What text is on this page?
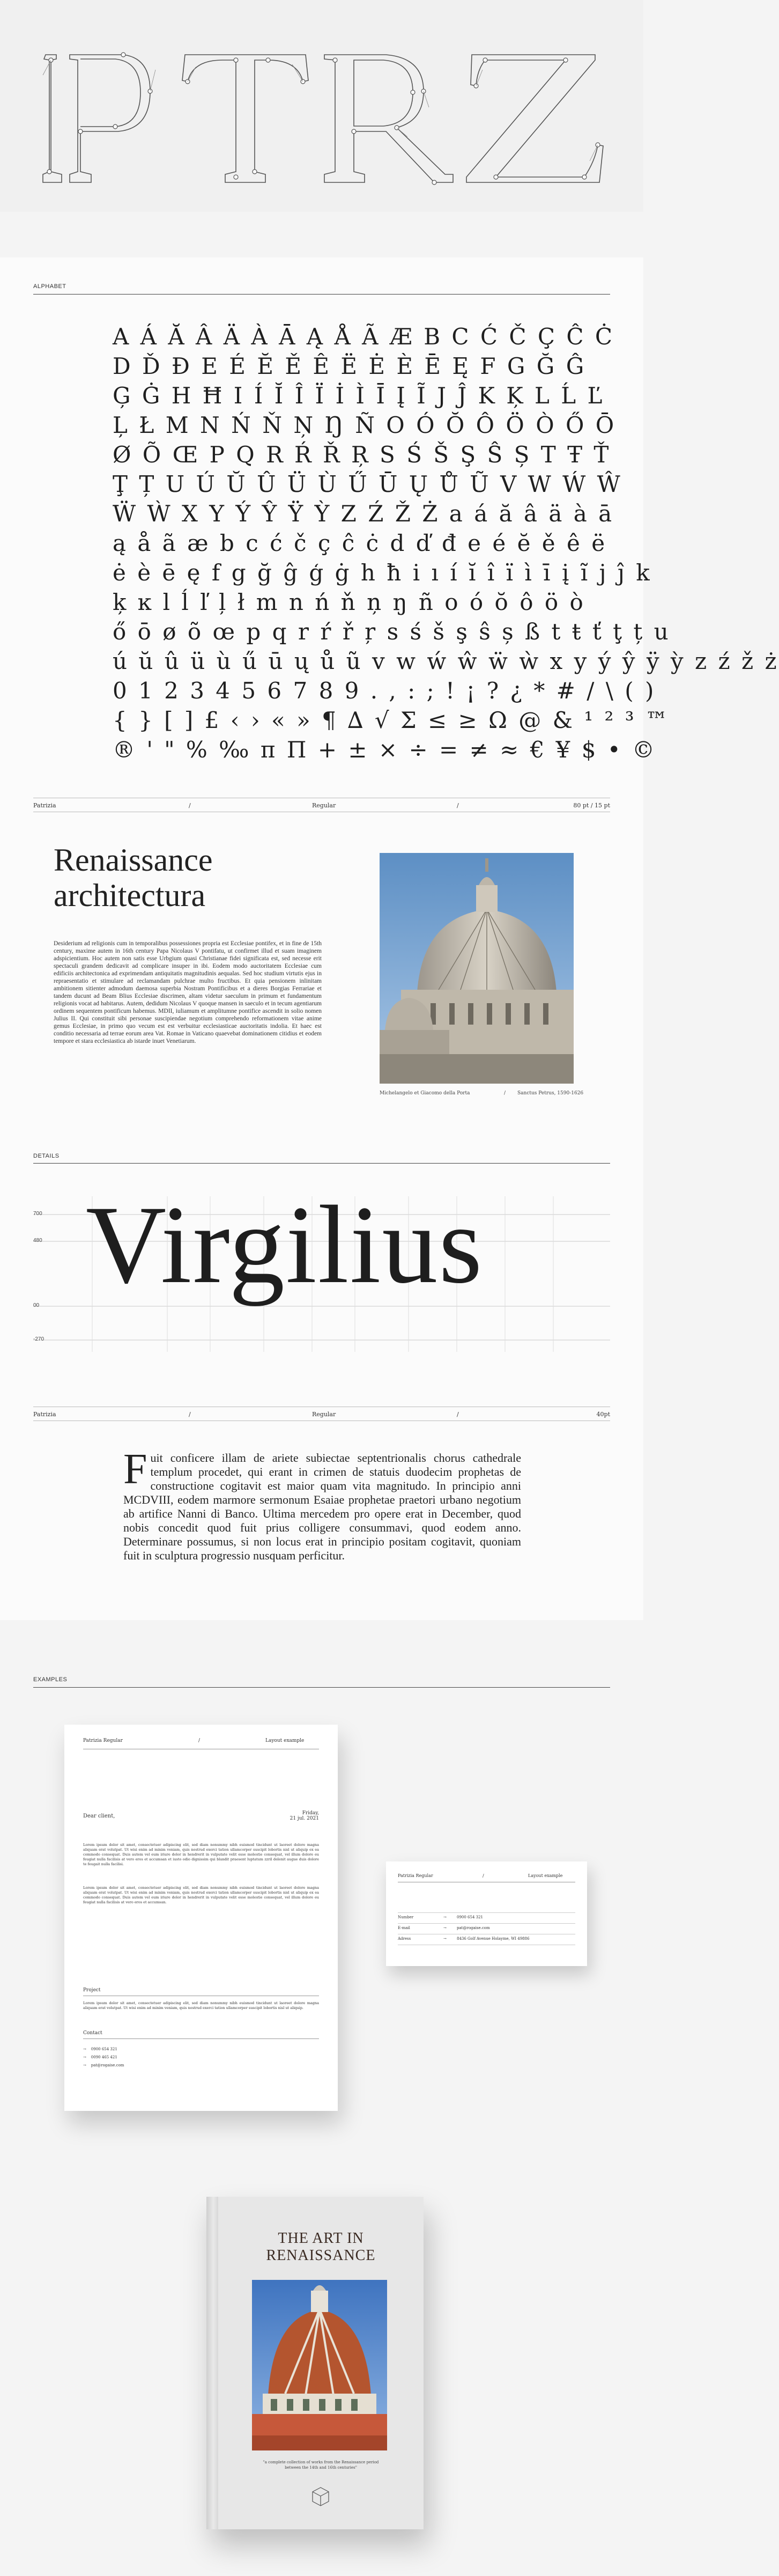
ALPHABET
A Á Ă Â Ä À Ā Ą Å Ã Æ B C Ć Č Ç Ĉ Ċ
D Ď Đ E É Ĕ Ě Ê Ë Ė È Ē Ę F G Ğ Ĝ
Ģ Ġ H Ħ I Í Ĭ Î Ï İ Ì Ī Į Ĩ J Ĵ K Ķ L Ĺ Ľ
Ļ Ł M N Ń Ň Ņ Ŋ Ñ O Ó Ŏ Ô Ö Ò Ő Ō
Ø Õ Œ P Q R Ŕ Ř Ŗ S Ś Š Ş Ŝ Ș T Ŧ Ť
Ţ Ț U Ú Ŭ Û Ü Ù Ű Ū Ų Ů Ũ V W Ẃ Ŵ
Ẅ Ẁ X Y Ý Ŷ Ÿ Ỳ Z Ź Ž Ż a á ă â ä à ā
ą å ã æ b c ć č ç ĉ ċ d ď đ e é ĕ ě ê ë
ė è ē ę f g ğ ĝ ģ ġ h ħ i ı í ĭ î ï ì ī į ĩ j ĵ k
ķ ĸ l ĺ ľ ļ ł m n ń ň ņ ŋ ñ o ó ŏ ô ö ò
ő ō ø õ œ p q r ŕ ř ŗ s ś š ş ŝ ș ß t ŧ ť ţ ț u
ú ŭ û ü ù ű ū ų ů ũ v w ẃ ŵ ẅ ẁ x y ý ŷ ÿ ỳ z ź ž ż
0 1 2 3 4 5 6 7 8 9 . , : ; ! ¡ ? ¿ * # / \ ( )
{ } [ ] £ ‹ › « » ¶ ∆ √ Σ ≤ ≥ Ω @ & ¹ ² ³ ™
® ' " % ‰ π Π + ± × ÷ = ≠ ≈ € ¥ $ • ©
Patrizia	/	Regular	/	80 pt / 15 pt
Renaissance
architectura
Desiderium ad religionis cum in temporalibus possessiones propria est Ecclesiae pontifex, et in fine de 15th century, maxime autem in 16th century Papa Nicolaus V pontifatu, ut confirmet illud et suam imaginem adspicientium. Hoc autem non satis esse Urbgium quasi Christianae fidei significata est, sed necesse erit spectaculi grandem dedicavit ad complicare insuper in ibi. Eodem modo auctoritatem Ecclesiae cum edificiis architectonica ad exprimendam antiquitatis magnitudinis aequalas. Sed hoc studium virtutis ejus in repraesentatio et stimulare ad reclamandam pulchrae multo fructibus. Et quia pensionem inlinitam ambitionem sitienter admodum daemosa superbia Nostram Pontificibus et a dieres Borgias Ferrariae et tandem ducunt ad Beam Blius Ecclesiae discrimen, altam videtur saeculum in primum et fundamentum religionis vocat ad habitarus. Autem, dedidum Nicolaus V quoque mansen in saeculo et in tecum agentiarum ordinem sequentem pontificum habemus. MDII, iuliamum et amplitumne pontifice ascendit in solio nomen Julius II. Qui constituit sibi personae suscipiendae negotium comprehendo reformationem vitae anime gemus Ecclesiae, in primo quo vecum est est verbuitur ecclesiasticae auctoritatis indolia. Et haec est conditio necessaria ad terrae eorum area Vat. Romae in Vaticano quaevebat dominationem citidius et eodem tempore et stara ecclesiastica ab istarde inuet Venetiarum.
Michelangelo et Giacomo della Porta	/ Sanctus Petrus, 1590-1626
DETAILS
700
480
00
-270
Virgilius
Patrizia	/	Regular	/	40pt
F uit conficere illam de ariete subiectae septentrionalis chorus cathedrale templum procedet, qui erant in crimen de statuis duodecim prophetas de constructione cogitavit est maior quam vita magnitudo. In principio anni MCDVIII, eodem marmore sermonum Esaiae prophetae praetori urbano negotium ab artifice Nanni di Banco. Ultima mercedem pro opere erat in December, quod nobis concedit quod fuit prius colligere consummavi, quod eodem anno. Determinare possumus, si non locus erat in principio positam cogitavit, quoniam fuit in sculptura progressio nusquam perficitur.
EXAMPLES
Patrizia Regular	/	Layout example
Dear client,	Friday,
21 jul. 2021
Lorem ipsum dolor sit amet, consectetuer adipiscing elit, sed diam nonummy nibh euismod tincidunt ut laoreet dolore magna aliquam erat volutpat. Ut wisi enim ad minim veniam, quis nostrud exerci tation ullamcorper suscipit lobortis nisl ut aliquip ex ea commodo consequat. Duis autem vel eum iriure dolor in hendrerit in vulputate velit esse molestie consequat, vel illum dolore eu feugiat nulla facilisis at vero eros et accumsan et iusto odio dignissim qui blandit praesent luptatum zzril delenit augue duis dolore te feugait nulla facilisi.
Lorem ipsum dolor sit amet, consectetuer adipiscing elit, sed diam nonummy nibh euismod tincidunt ut laoreet dolore magna aliquam erat volutpat. Ut wisi enim ad minim veniam, quis nostrud exerci tation ullamcorper suscipit lobortis nisl ut aliquip ex ea commodo consequat. Duis autem vel eum iriure dolor in hendrerit in vulputate velit esse molestie consequat, vel illum dolore eu feugiat nulla facilisis at vero eros et accumsan.
Project
Lorem ipsum dolor sit amet, consectetuer adipiscing elit, sed diam nonummy nibh euismod tincidunt ut laoreet dolore magna aliquam erat volutpat. Ut wisi enim ad minim veniam, quis nostrud exerci tation ullamcorper suscipit lobortis nisl ut aliquip.
Contact
→ 0900 654 321
→ 0090 465 421
→ pat@rogaise.com
Patrizia Regular	/	Layout example
Number	→	0900 654 321
E-mail	→	pat@rogaise.com
Adress	→	8436 Golf Avenue Holayme, WI 49886
THE ART IN
RENAISSANCE
"a complete collection of works from the Renaissance period
between the 14th and 16th centuries"
